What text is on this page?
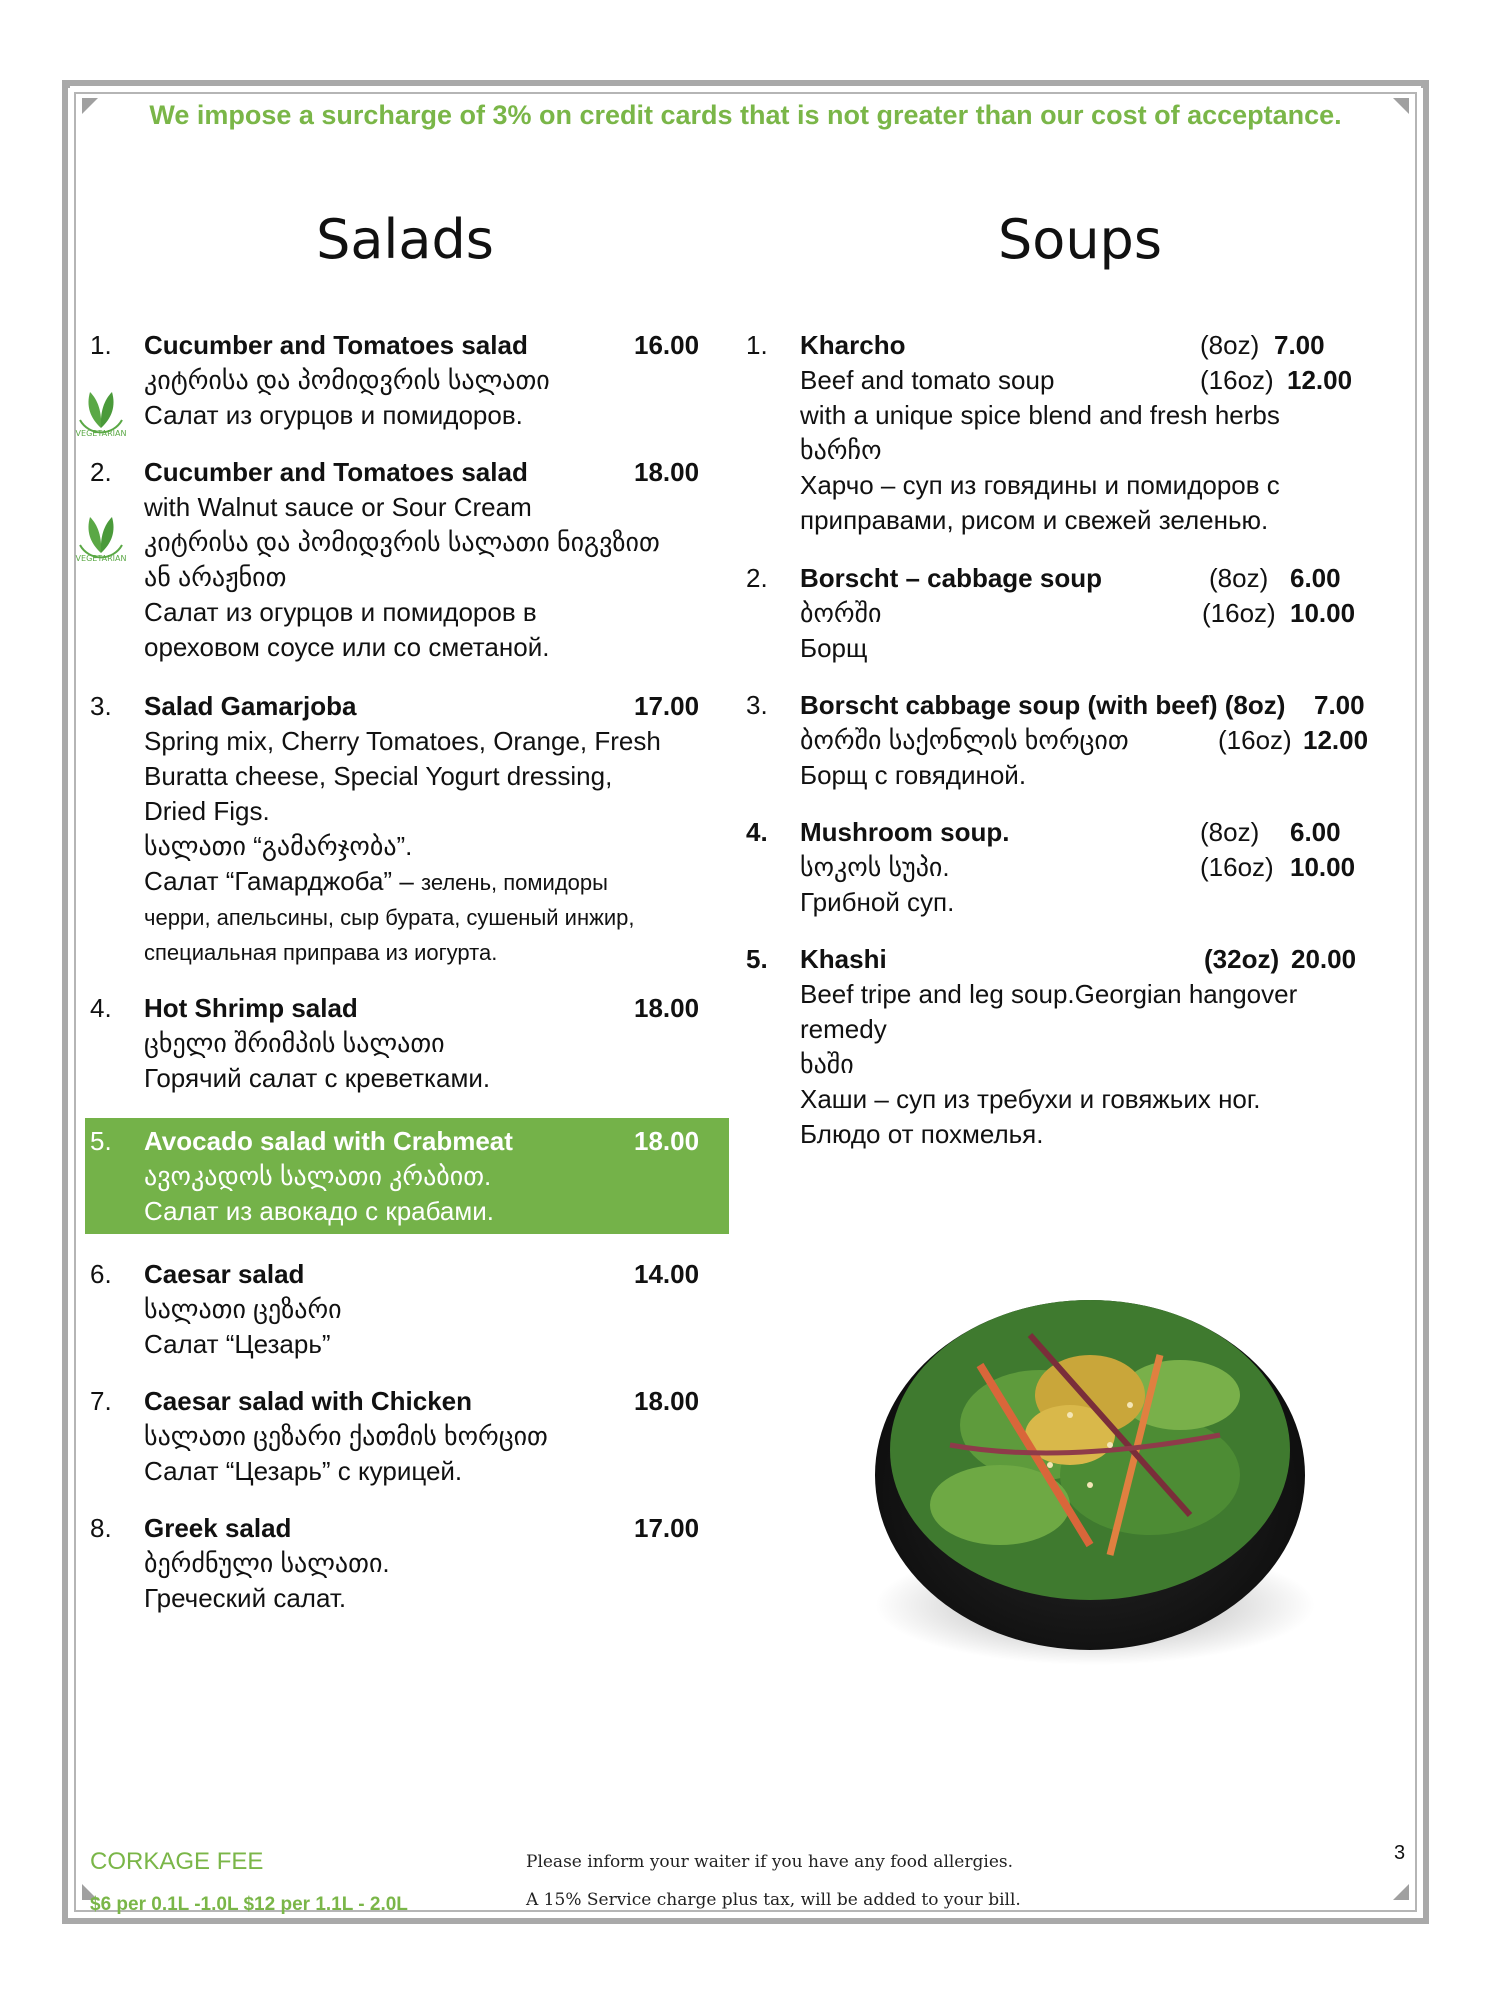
We impose a surcharge of 3% on credit cards that is not greater than our cost of acceptance.
Salads	Soups
VEGETARIAN
VEGETARIAN
1. Cucumber and Tomatoes salad
კიტრისა და პომიდვრის სალათი
Салат из огурцов и помидоров.
16.00
2. Cucumber and Tomatoes salad
with Walnut sauce or Sour Cream
კიტრისა და პომიდვრის სალათი ნიგვზით
ან არაჟნით
Салат из огурцов и помидоров в
ореховом соусе или со сметаной.
18.00
3. Salad Gamarjoba
Spring mix, Cherry Tomatoes, Orange, Fresh
Buratta cheese, Special Yogurt dressing,
Dried Figs.
სალათი “გამარჯობა”.
Салат “Гамарджоба” – зелень, помидоры
черри, апельсины, сыр бурата, сушеный инжир,
специальная приправа из иогурта.
17.00
4. Hot Shrimp salad
ცხელი შრიმპის სალათი
Горячий салат с креветками.
18.00
5. Avocado salad with Crabmeat
ავოკადოს სალათი კრაბით.
Салат из авокадо с крабами.
18.00
6. Caesar salad
სალათი ცეზარი
Салат “Цезарь”
14.00
7. Caesar salad with Chicken
სალათი ცეზარი ქათმის ხორცით
Салат “Цезарь” с курицей.
18.00
8. Greek salad
ბერძნული სალათი.
Греческий салат.
17.00
1. Kharcho
Beef and tomato soup
with a unique spice blend and fresh herbs
ხარჩო
Харчо – суп из говядины и помидоров с
приправами, рисом и свежей зеленью.
(8oz) 7.00
(16oz) 12.00
2. Borscht – cabbage soup
ბორში
Борщ
(8oz) 6.00
(16oz) 10.00
3. Borscht cabbage soup (with beef) (8oz)
ბორში საქონლის ხორცით
Борщ с говядиной.
7.00
(16oz) 12.00
4. Mushroom soup.
სოკოს სუპი.
Грибной суп.
(8oz) 6.00
(16oz) 10.00
5. Khashi
Beef tripe and leg soup.Georgian hangover
remedy
ხაში
Хаши – суп из требухи и говяжьих ног.
Блюдо от похмелья.
(32oz) 20.00
CORKAGE FEE
$6 per 0.1L -1.0L $12 per 1.1L - 2.0L
Please inform your waiter if you have any food allergies.
A 15% Service charge plus tax, will be added to your bill.
3
